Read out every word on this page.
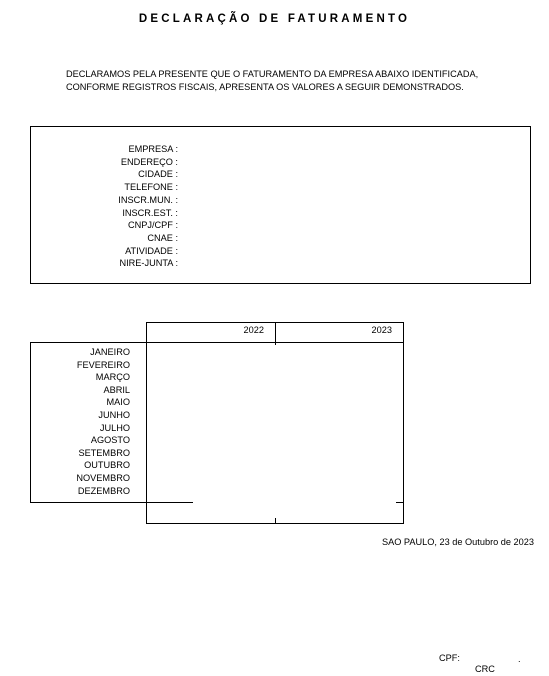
DECLARAÇÃO DE FATURAMENTO
DECLARAMOS PELA PRESENTE QUE O FATURAMENTO DA EMPRESA ABAIXO IDENTIFICADA,
CONFORME REGISTROS FISCAIS, APRESENTA OS VALORES A SEGUIR DEMONSTRADOS.
EMPRESA :
ENDEREÇO :
CIDADE :
TELEFONE :
INSCR.MUN. :
INSCR.EST. :
CNPJ/CPF :
CNAE :
ATIVIDADE :
NIRE-JUNTA :
2022	2023
JANEIRO
FEVEREIRO
MARÇO
ABRIL
MAIO
JUNHO
JULHO
AGOSTO
SETEMBRO
OUTUBRO
NOVEMBRO
DEZEMBRO
SAO PAULO, 23 de Outubro de 2023
CPF:	.
CRC
